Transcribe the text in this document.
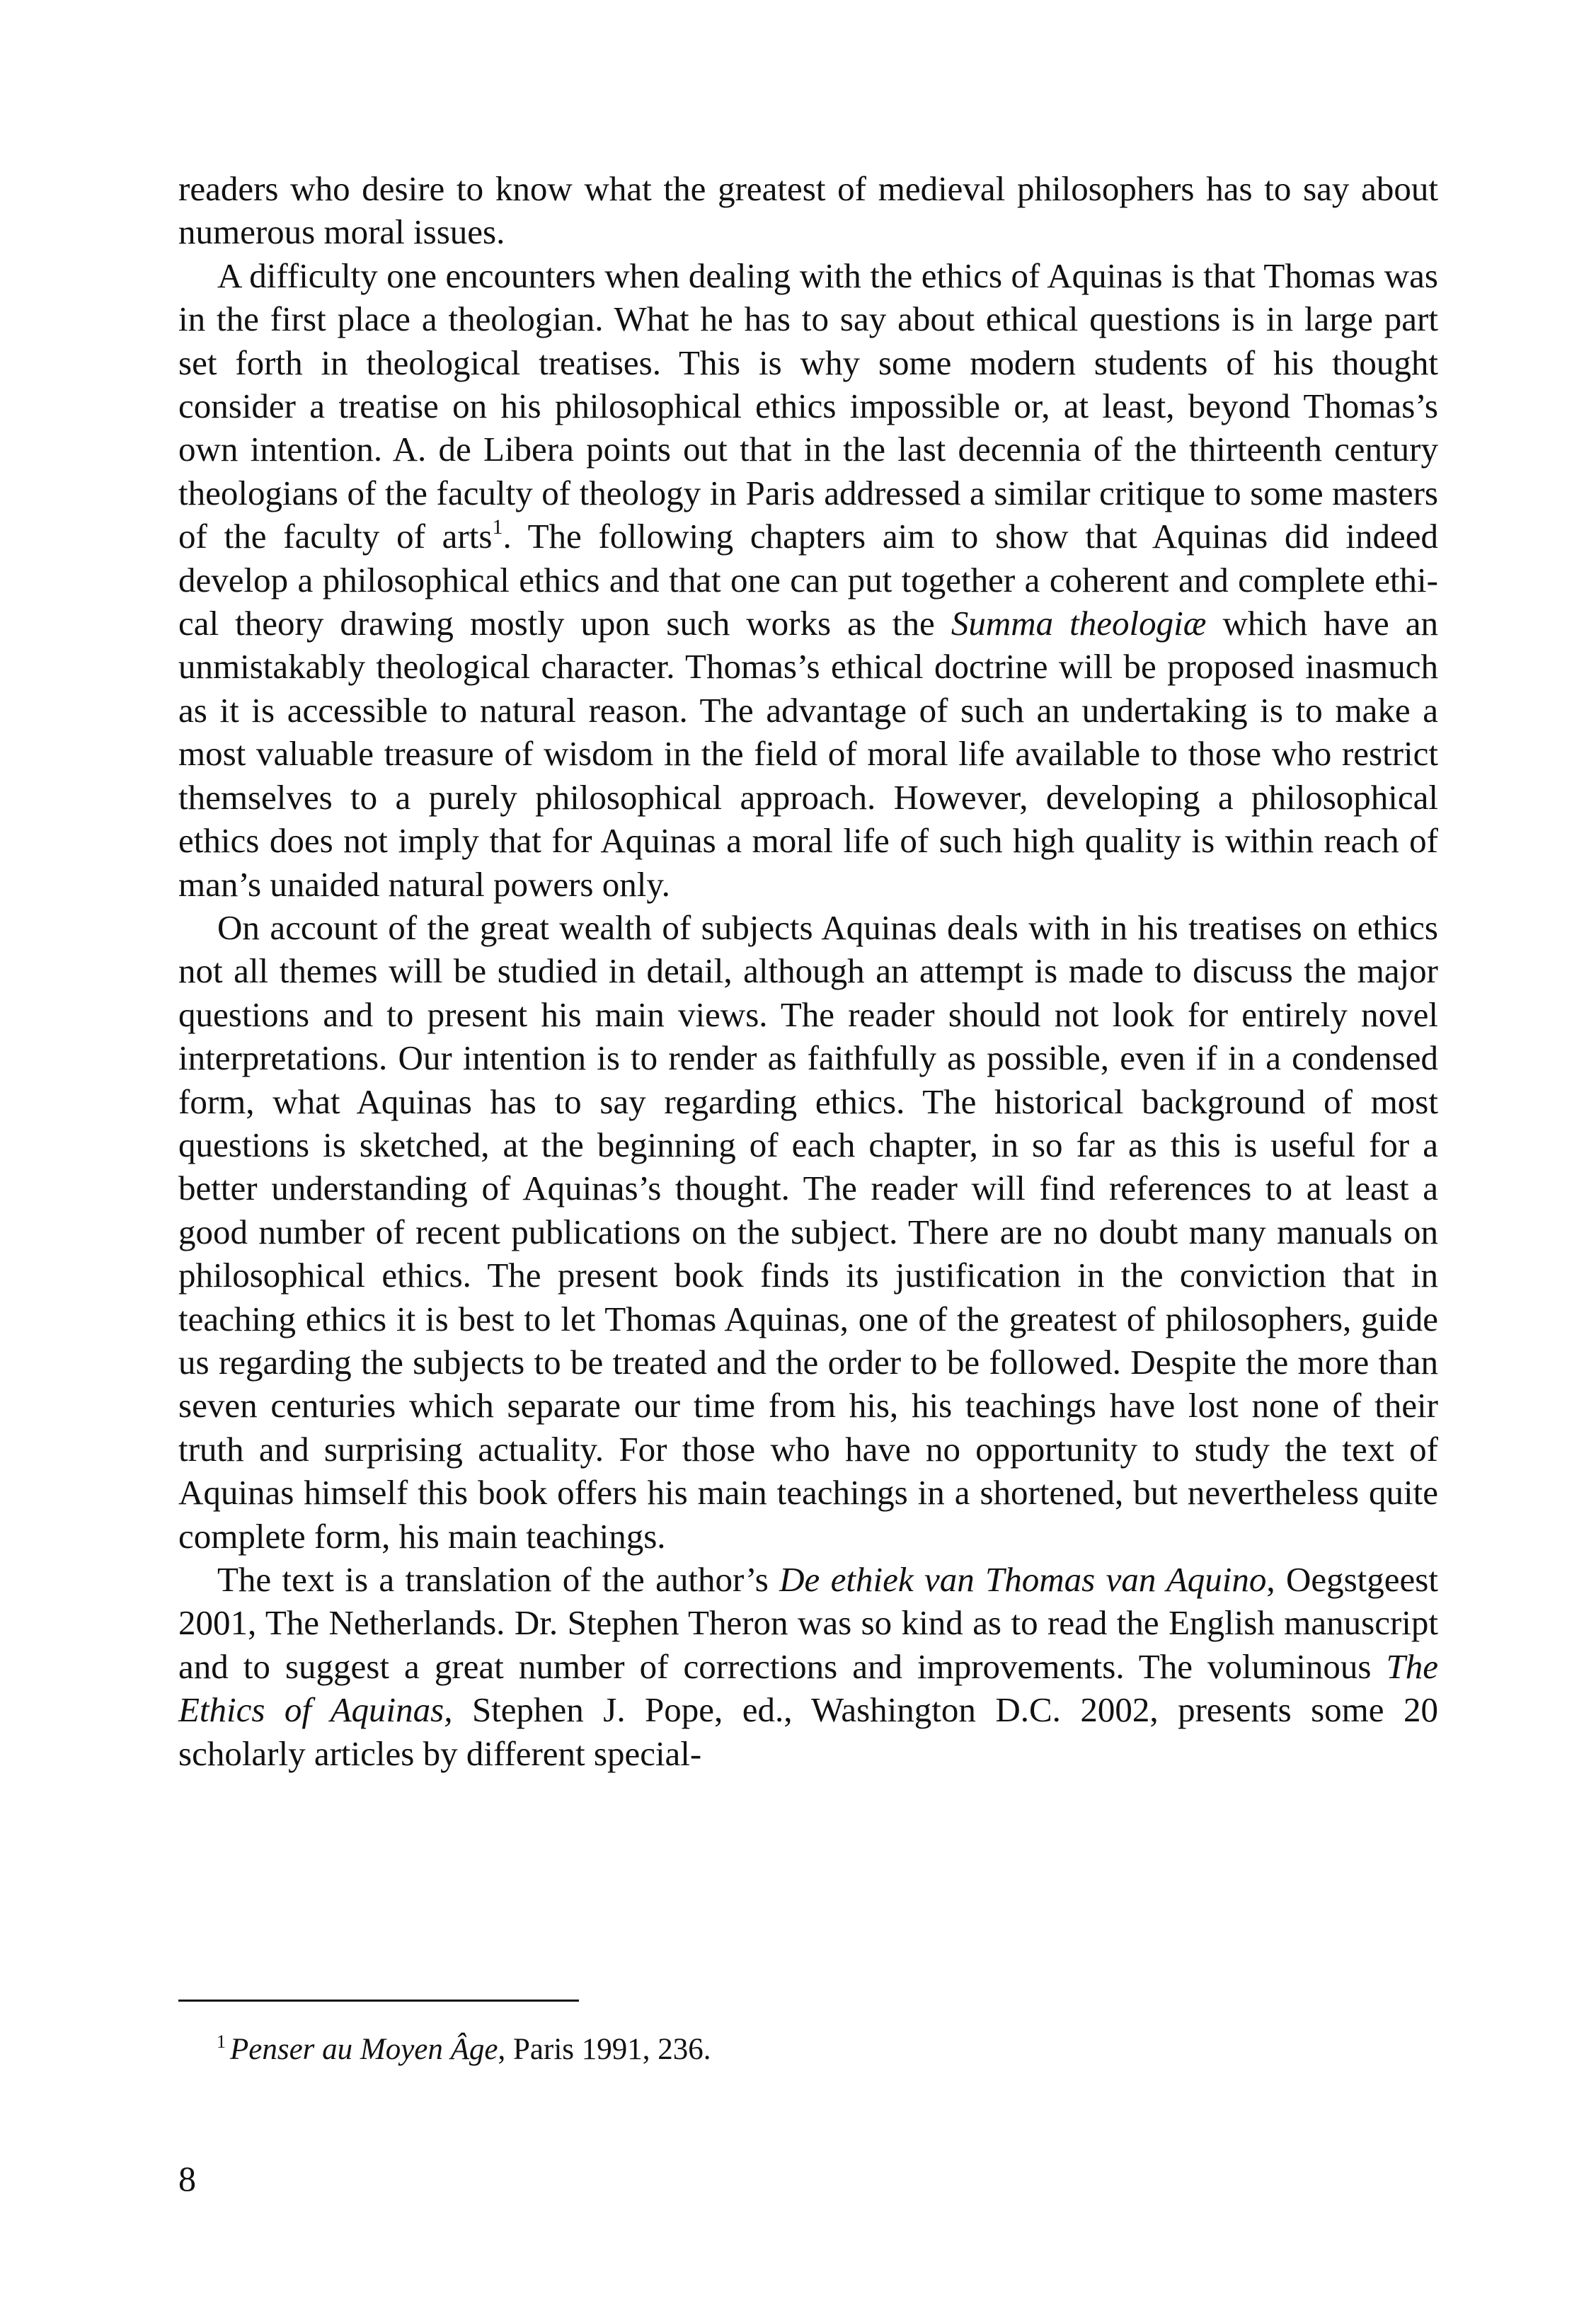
readers who desire to know what the greatest of medieval philosophers has to say about numerous moral issues.

A difficulty one encounters when dealing with the ethics of Aquinas is that Thomas was in the first place a theologian. What he has to say about ethical questions is in large part set forth in theological treatises. This is why some modern students of his thought consider a treatise on his philosophical ethics impossible or, at least, beyond Thomas’s own intention. A. de Libera points out that in the last decennia of the thirteenth century theologians of the faculty of theology in Paris addressed a similar critique to some masters of the faculty of arts$^1$. The following chapters aim to show that Aquinas did indeed develop a philosophical ethics and that one can put together a coherent and complete ethical theory drawing mostly upon such works as the Summa theologiæ which have an unmistakably theological character. Thomas’s ethical doctrine will be proposed inasmuch as it is accessible to natural reason. The advantage of such an undertaking is to make a most valuable treasure of wisdom in the field of moral life available to those who restrict themselves to a purely philosophical approach. However, developing a philosophical ethics does not imply that for Aquinas a moral life of such high quality is within reach of man’s unaided natural powers only.

On account of the great wealth of subjects Aquinas deals with in his treatises on ethics not all themes will be studied in detail, although an attempt is made to discuss the major questions and to present his main views. The reader should not look for entirely novel interpretations. Our intention is to render as faithfully as possible, even if in a condensed form, what Aquinas has to say regarding ethics. The historical background of most questions is sketched, at the beginning of each chapter, in so far as this is useful for a better understanding of Aquinas’s thought. The reader will find references to at least a good number of recent publications on the subject. There are no doubt many manuals on philosophical ethics. The present book finds its justification in the conviction that in teaching ethics it is best to let Thomas Aquinas, one of the greatest of philosophers, guide us regarding the subjects to be treated and the order to be followed. Despite the more than seven centuries which separate our time from his, his teachings have lost none of their truth and surprising actuality. For those who have no opportunity to study the text of Aquinas himself this book offers his main teachings in a shortened, but nevertheless quite complete form, his main teachings.

The text is a translation of the author’s De ethiek van Thomas van Aquino, Oegstgeest 2001, The Netherlands. Dr. Stephen Theron was so kind as to read the English manuscript and to suggest a great number of corrections and improvements. The voluminous The Ethics of Aquinas, Stephen J. Pope, ed., Washington D.C. 2002, presents some 20 scholarly articles by different special-

$^1$ Penser au Moyen Âge, Paris 1991, 236.
8
